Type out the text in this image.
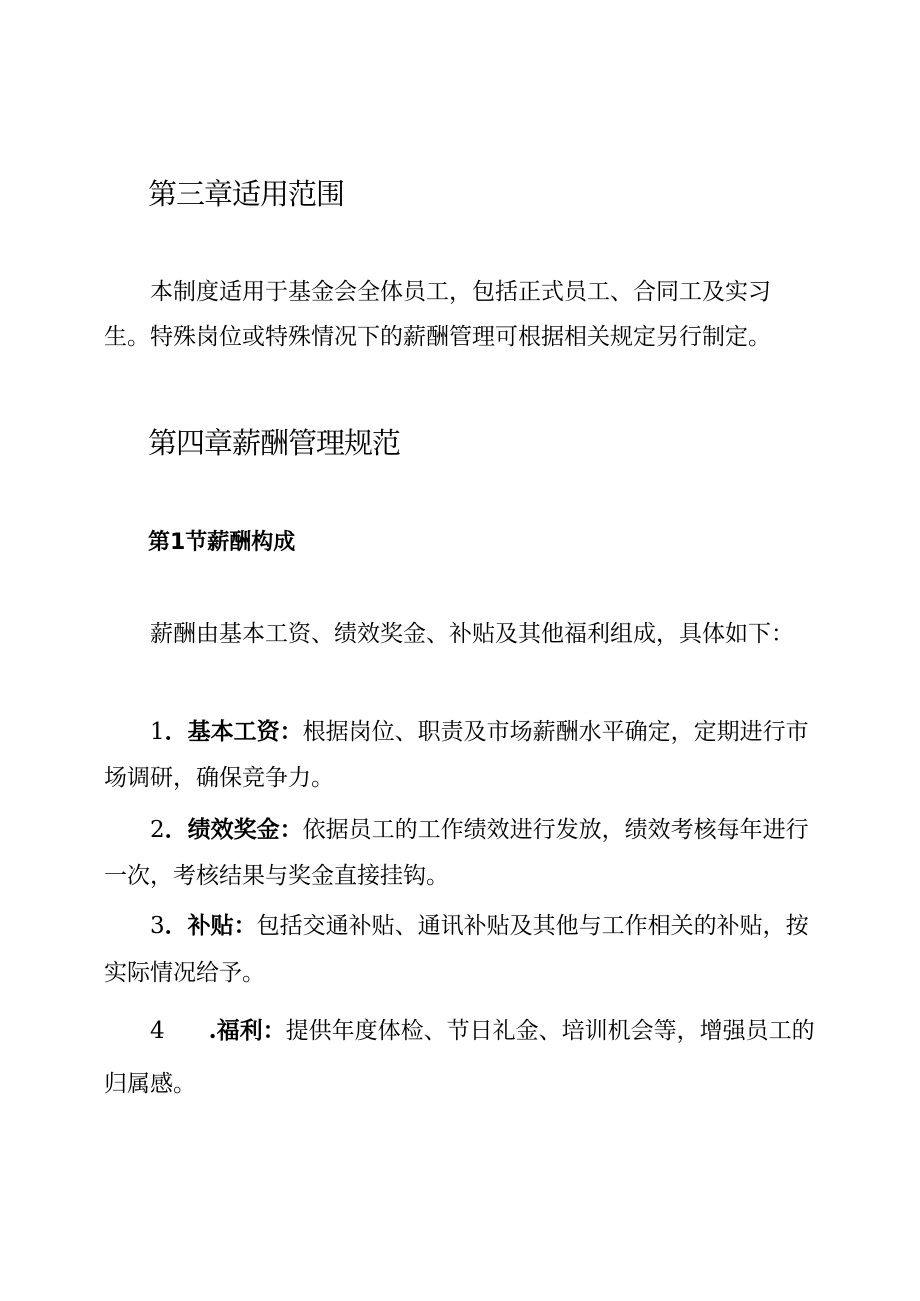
第三章适用范围
本制度适用于基金会全体员工，包括正式员工、合同工及实习
生。特殊岗位或特殊情况下的薪酬管理可根据相关规定另行制定。
第四章薪酬管理规范
第1节薪酬构成
薪酬由基本工资、绩效奖金、补贴及其他福利组成，具体如下：
1．基本工资：根据岗位、职责及市场薪酬水平确定，定期进行市
场调研，确保竞争力。
2．绩效奖金：依据员工的工作绩效进行发放，绩效考核每年进行
一次，考核结果与奖金直接挂钩。
3．补贴：包括交通补贴、通讯补贴及其他与工作相关的补贴，按
实际情况给予。
4 .福利：提供年度体检、节日礼金、培训机会等，增强员工的
归属感。
